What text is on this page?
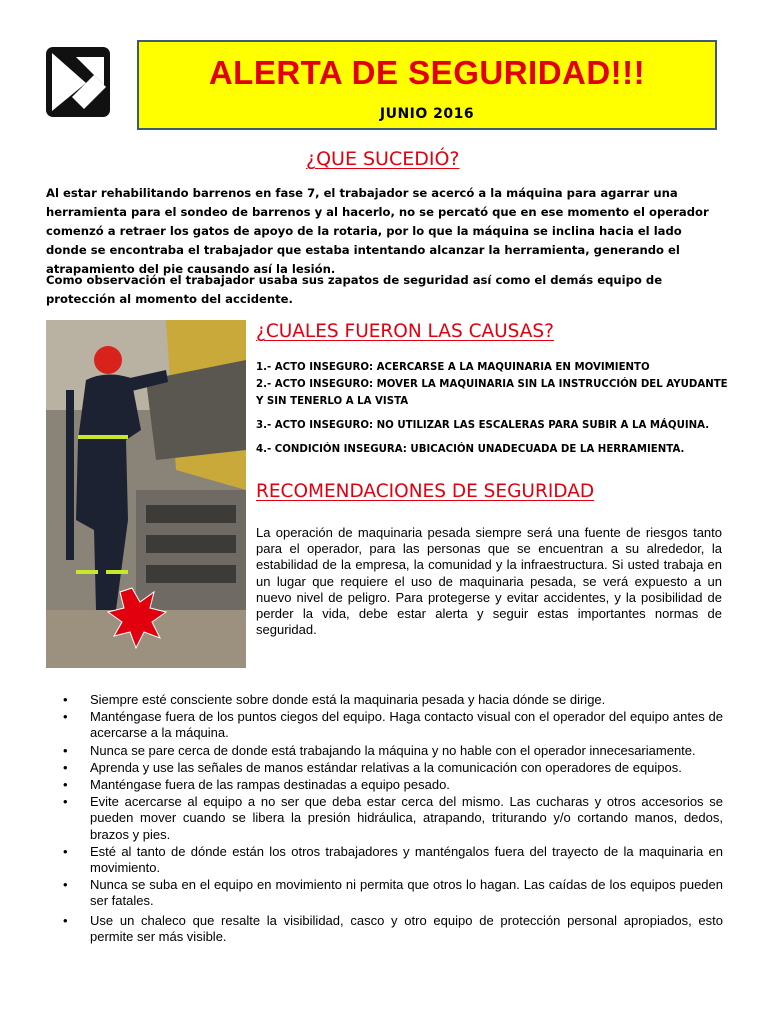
ALERTA DE SEGURIDAD!!!
JUNIO 2016
¿QUE SUCEDIÓ?
Al estar rehabilitando barrenos en fase 7, el trabajador se acercó a la máquina para agarrar una herramienta para el sondeo de barrenos y al hacerlo, no se percató que en ese momento el operador comenzó a retraer los gatos de apoyo de la rotaria, por lo que la máquina se inclina hacia el lado donde se encontraba el trabajador que estaba intentando alcanzar la herramienta, generando el atrapamiento del pie causando así la lesión.
Como observación el trabajador usaba sus zapatos de seguridad así como el demás equipo de protección al momento del accidente.
¿CUALES FUERON LAS CAUSAS?
1.- ACTO INSEGURO: ACERCARSE A LA MAQUINARIA EN MOVIMIENTO
2.- ACTO INSEGURO: MOVER LA MAQUINARIA SIN LA INSTRUCCIÓN DEL AYUDANTE Y SIN TENERLO A LA VISTA
3.- ACTO INSEGURO: NO UTILIZAR LAS ESCALERAS PARA SUBIR A LA MÁQUINA.
4.- CONDICIÓN INSEGURA: UBICACIÓN UNADECUADA DE LA HERRAMIENTA.
RECOMENDACIONES DE SEGURIDAD
La operación de maquinaria pesada siempre será una fuente de riesgos tanto para el operador, para las personas que se encuentran a su alrededor, la estabilidad de la empresa, la comunidad y la infraestructura. Si usted trabaja en un lugar que requiere el uso de maquinaria pesada, se verá expuesto a un nuevo nivel de peligro. Para protegerse y evitar accidentes, y la posibilidad de perder la vida, debe estar alerta y seguir estas importantes normas de seguridad.
• Siempre esté consciente sobre donde está la maquinaria pesada y hacia dónde se dirige.
• Manténgase fuera de los puntos ciegos del equipo. Haga contacto visual con el operador del equipo antes de acercarse a la máquina.
• Nunca se pare cerca de donde está trabajando la máquina y no hable con el operador innecesariamente.
• Aprenda y use las señales de manos estándar relativas a la comunicación con operadores de equipos.
• Manténgase fuera de las rampas destinadas a equipo pesado.
• Evite acercarse al equipo a no ser que deba estar cerca del mismo. Las cucharas y otros accesorios se pueden mover cuando se libera la presión hidráulica, atrapando, triturando y/o cortando manos, dedos, brazos y pies.
• Esté al tanto de dónde están los otros trabajadores y manténgalos fuera del trayecto de la maquinaria en movimiento.
• Nunca se suba en el equipo en movimiento ni permita que otros lo hagan. Las caídas de los equipos pueden ser fatales.
• Use un chaleco que resalte la visibilidad, casco y otro equipo de protección personal apropiados, esto permite ser más visible.
